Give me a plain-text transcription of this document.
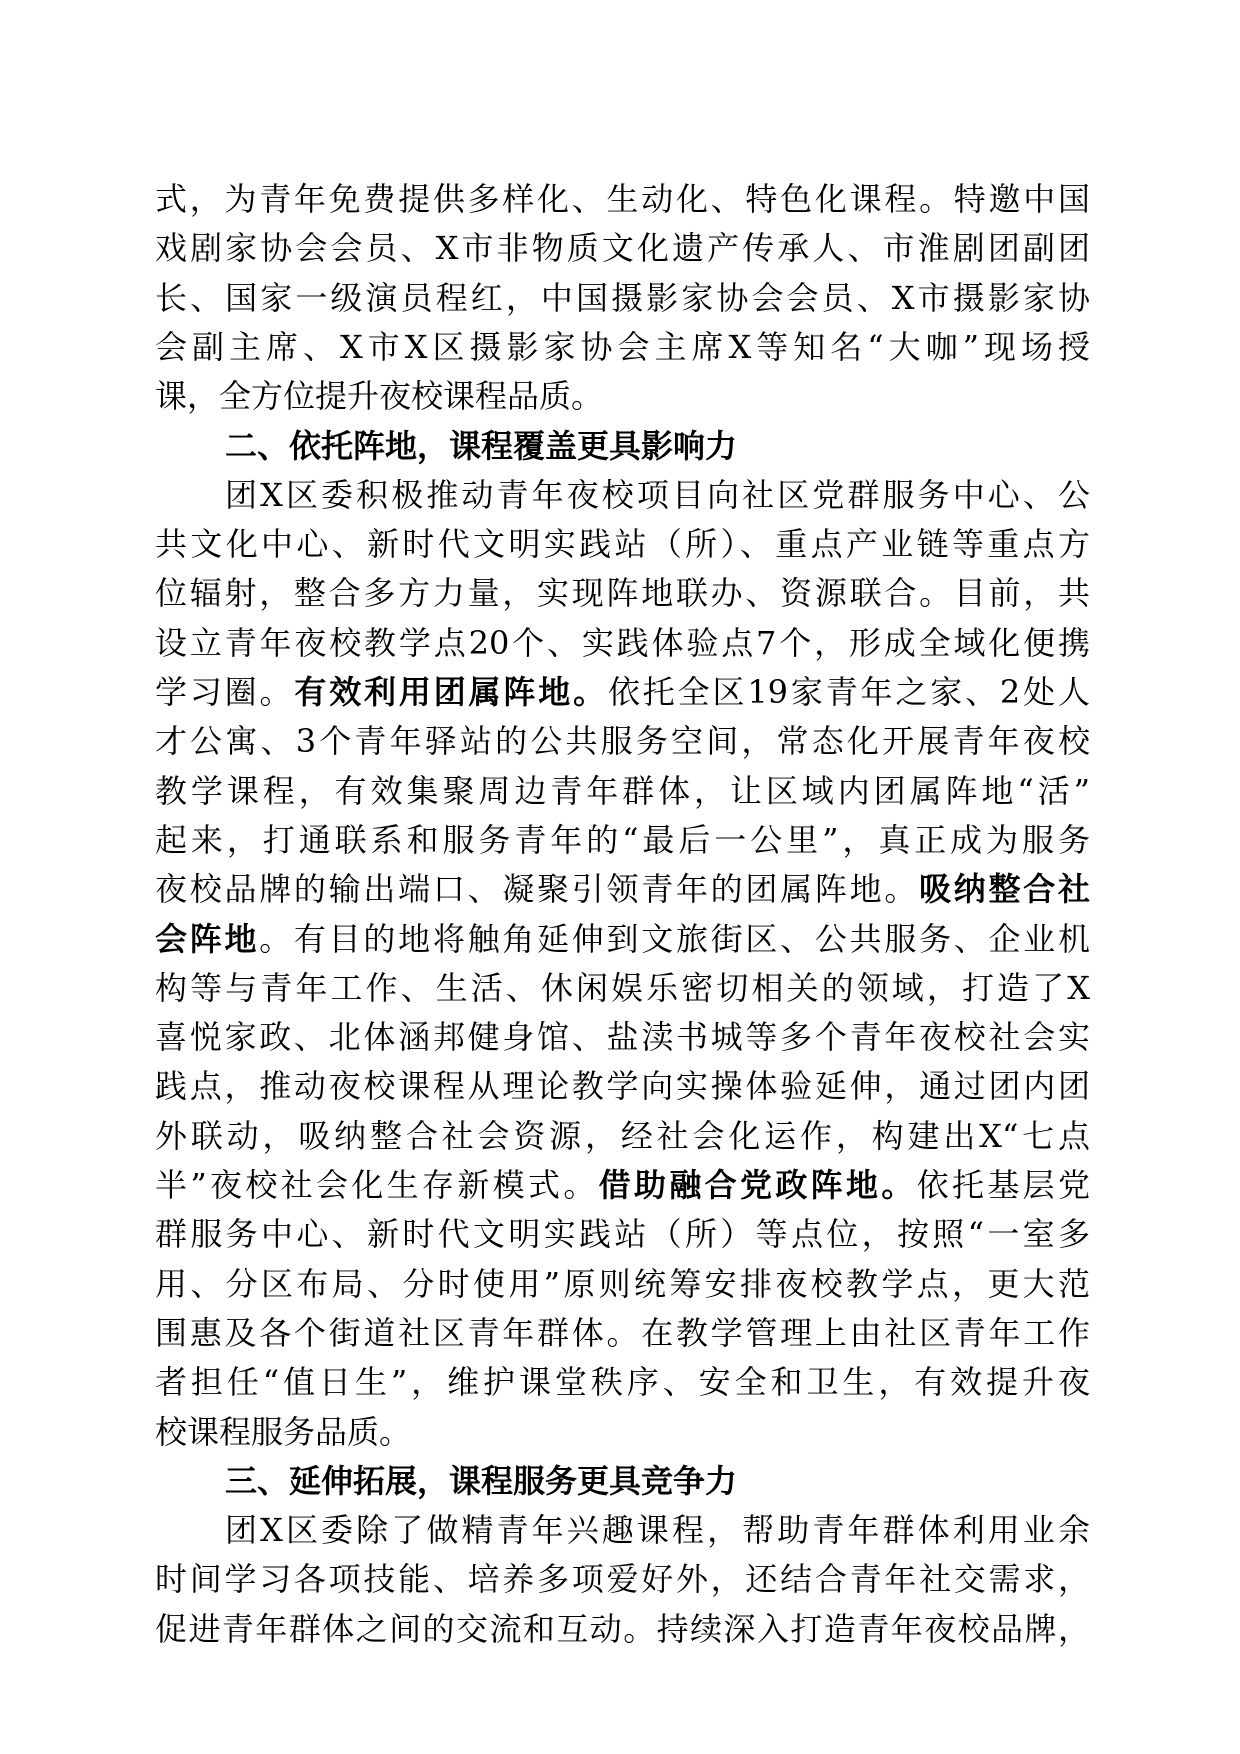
式，为青年免费提供多样化、生动化、特色化课程。特邀中国
戏剧家协会会员、X市非物质文化遗产传承人、市淮剧团副团
长、国家一级演员程红，中国摄影家协会会员、X市摄影家协
会副主席、X市X区摄影家协会主席X等知名“大咖”现场授
课，全方位提升夜校课程品质。
二、依托阵地，课程覆盖更具影响力
团X区委积极推动青年夜校项目向社区党群服务中心、公
共文化中心、新时代文明实践站（所）、重点产业链等重点方
位辐射，整合多方力量，实现阵地联办、资源联合。目前，共
设立青年夜校教学点20个、实践体验点7个，形成全域化便携
学习圈。有效利用团属阵地。依托全区19家青年之家、2处人
才公寓、3个青年驿站的公共服务空间，常态化开展青年夜校
教学课程，有效集聚周边青年群体，让区域内团属阵地“活”
起来，打通联系和服务青年的“最后一公里”，真正成为服务
夜校品牌的输出端口、凝聚引领青年的团属阵地。吸纳整合社
会阵地。有目的地将触角延伸到文旅街区、公共服务、企业机
构等与青年工作、生活、休闲娱乐密切相关的领域，打造了X
喜悦家政、北体涵邦健身馆、盐渎书城等多个青年夜校社会实
践点，推动夜校课程从理论教学向实操体验延伸，通过团内团
外联动，吸纳整合社会资源，经社会化运作，构建出X“七点
半”夜校社会化生存新模式。借助融合党政阵地。依托基层党
群服务中心、新时代文明实践站（所）等点位，按照“一室多
用、分区布局、分时使用”原则统筹安排夜校教学点，更大范
围惠及各个街道社区青年群体。在教学管理上由社区青年工作
者担任“值日生”，维护课堂秩序、安全和卫生，有效提升夜
校课程服务品质。
三、延伸拓展，课程服务更具竞争力
团X区委除了做精青年兴趣课程，帮助青年群体利用业余
时间学习各项技能、培养多项爱好外，还结合青年社交需求，
促进青年群体之间的交流和互动。持续深入打造青年夜校品牌，
